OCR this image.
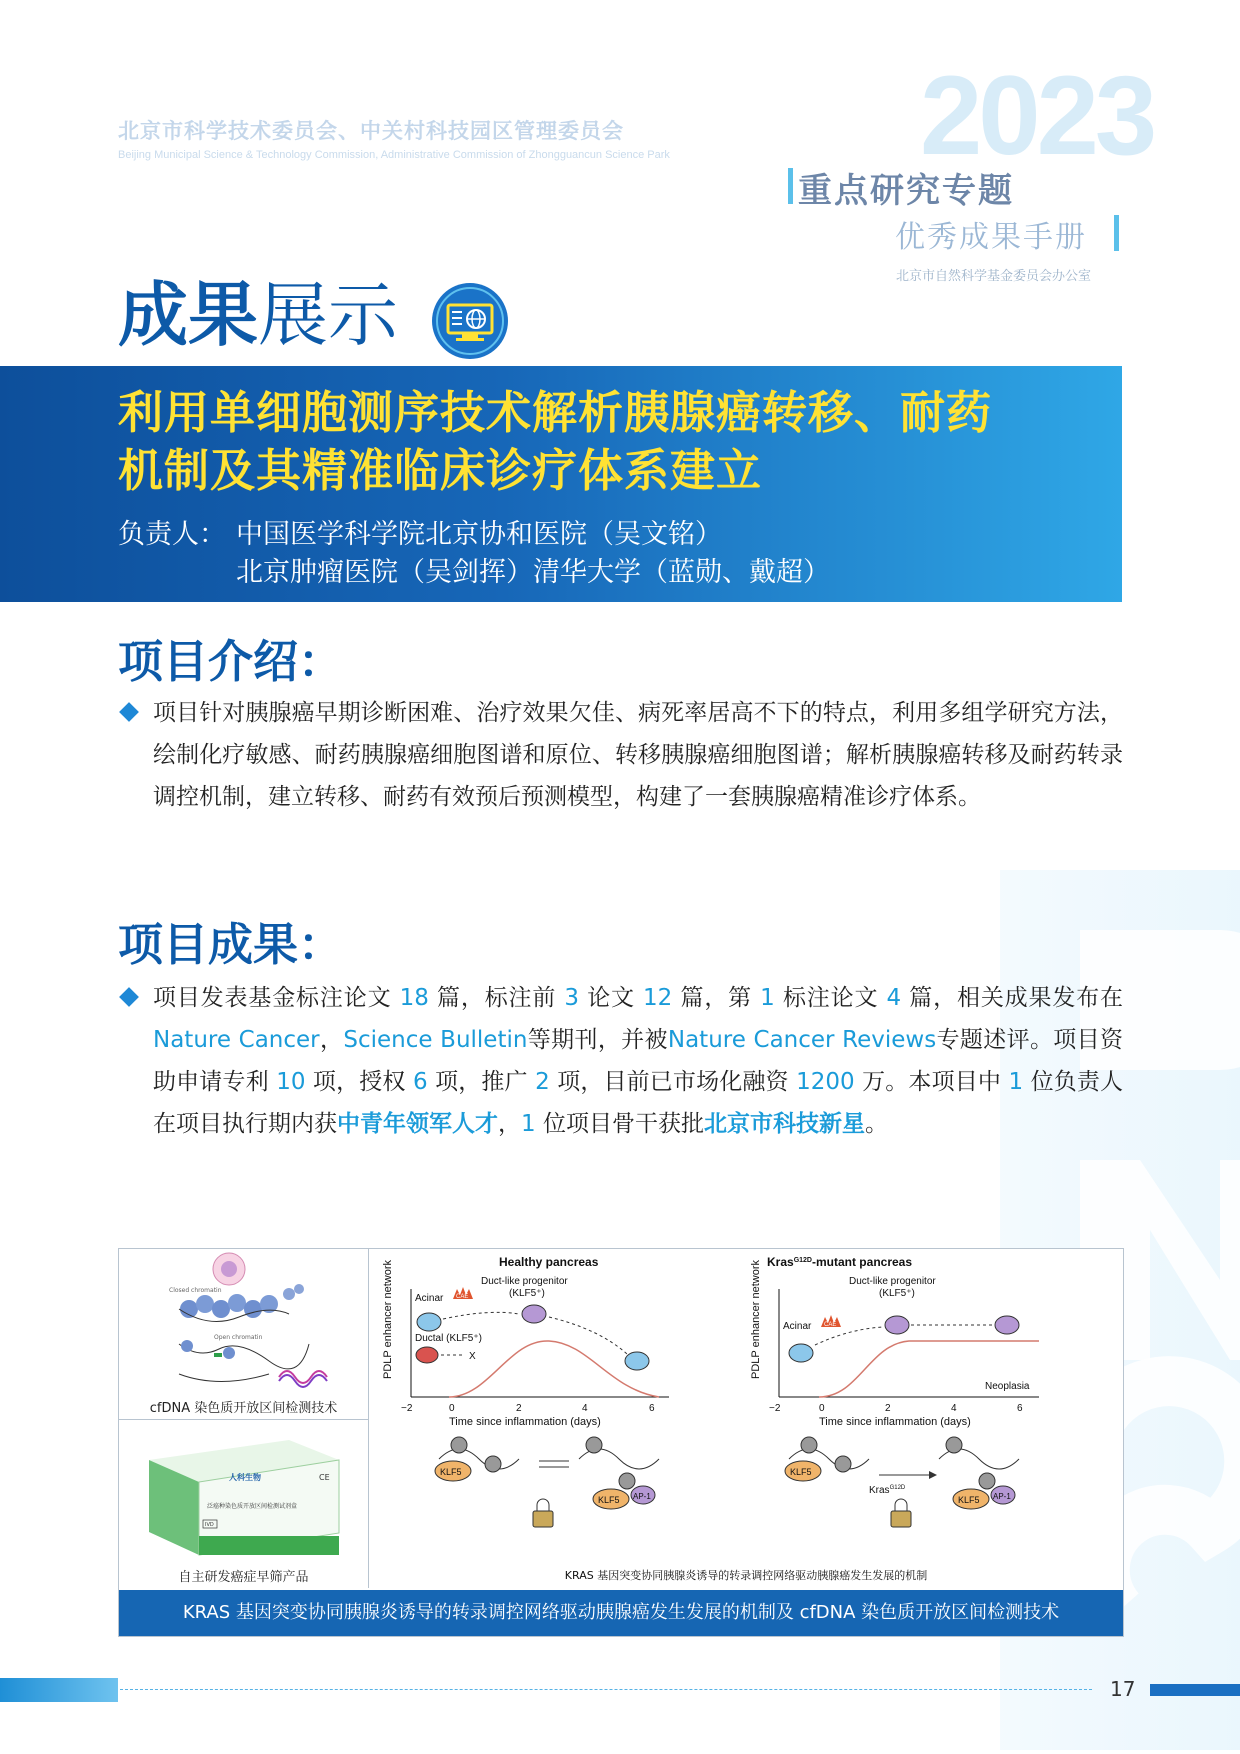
北京市科学技术委员会、中关村科技园区管理委员会
Beijing Municipal Science & Technology Commission, Administrative Commission of Zhongguancun Science Park 2023
重点研究专题
优秀成果手册
北京市自然科学基金委员会办公室
成果展示
利用单细胞测序技术解析胰腺癌转移、耐药
机制及其精准临床诊疗体系建立
负责人： 中国医学科学院北京协和医院（吴文铭）
北京肿瘤医院（吴剑挥）清华大学（蓝勋、戴超）
项目介绍：
项目针对胰腺癌早期诊断困难、治疗效果欠佳、病死率居高不下的特点，利用多组学研究方法，绘制化疗敏感、耐药胰腺癌细胞图谱和原位、转移胰腺癌细胞图谱；解析胰腺癌转移及耐药转录调控机制，建立转移、耐药有效预后预测模型，构建了一套胰腺癌精准诊疗体系。
项目成果：
项目发表基金标注论文 18 篇，标注前 3 论文 12 篇，第 1 标注论文 4 篇，相关成果发布在Nature Cancer，Science Bulletin等期刊，并被Nature Cancer Reviews专题述评。项目资助申请专利 10 项，授权 6 项，推广 2 项，目前已市场化融资 1200 万。本项目中 1 位负责人在项目执行期内获中青年领军人才，1 位项目骨干获批北京市科技新星。
Closed chromatin
Open chromatin
cfDNA 染色质开放区间检测技术
人科生物
泛癌种染色质开放区间检测试剂盒
CE
IVD
自主研发癌症早筛产品
Healthy pancreas	Kras$^{G12D}$-mutant pancreas
PDLP enhancer network
−2	0	2	4	6
Time since inflammation (days)
Acinar CAE
Duct-like progenitor
(KLF5⁺)
Ductal (KLF5⁺)
X	PDLP enhancer network
−2	0	2	4	6
Time since inflammation (days)
Acinar CAE
Duct-like progenitor
(KLF5⁺)
Neoplasia
KLF5
KLF5 AP-1
KLF5
Kras$^{G12D}$
KLF5 AP-1
KRAS 基因突变协同胰腺炎诱导的转录调控网络驱动胰腺癌发生发展的机制
KRAS 基因突变协同胰腺炎诱导的转录调控网络驱动胰腺癌发生发展的机制及 cfDNA 染色质开放区间检测技术
17
